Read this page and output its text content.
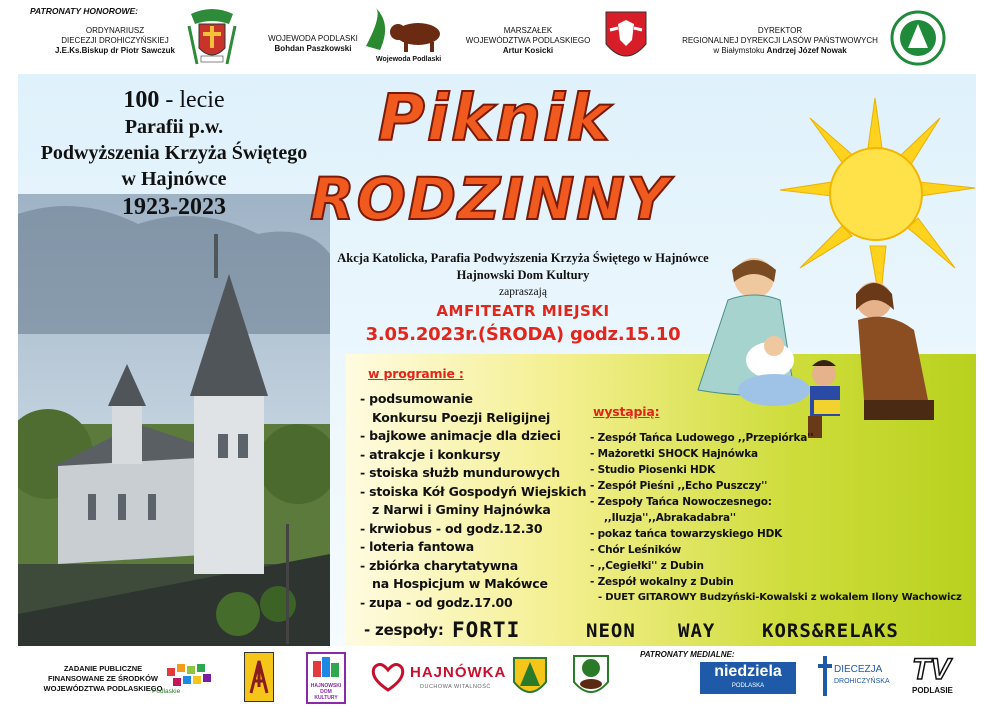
PATRONATY HONOROWE:
ORDYNARIUSZ
DIECEZJI DROHICZYŃSKIEJ
J.E.Ks.Biskup dr Piotr Sawczuk
WOJEWODA PODLASKI
Bohdan Paszkowski
Wojewoda Podlaski
MARSZAŁEK
WOJEWÓDZTWA PODLASKIEGO
Artur Kosicki
DYREKTOR
REGIONALNEJ DYREKCJI LASÓW PAŃSTWOWYCH
w Białymstoku Andrzej Józef Nowak
100 - lecie
Parafii p.w.
Podwyższenia Krzyża Świętego
w Hajnówce
1923-2023
Piknik
RODZINNY
Akcja Katolicka, Parafia Podwyższenia Krzyża Świętego w Hajnówce
Hajnowski Dom Kultury
zapraszają
AMFITEATR MIEJSKI
3.05.2023r.(ŚRODA) godz.15.10
w programie :
- podsumowanie
Konkursu Poezji Religijnej
- bajkowe animacje dla dzieci
- atrakcje i konkursy
- stoiska służb mundurowych
- stoiska Kół Gospodyń Wiejskich
z Narwi i Gminy Hajnówka
- krwiobus - od godz.12.30
- loteria fantowa
- zbiórka charytatywna
na Hospicjum w Makówce
- zupa - od godz.17.00
wystąpią:
- Zespół Tańca Ludowego ,,Przepiórka''
- Mażoretki SHOCK Hajnówka
- Studio Piosenki HDK
- Zespół Pieśni ,,Echo Puszczy''
- Zespoły Tańca Nowoczesnego:
,,Iluzja'',,Abrakadabra''
- pokaz tańca towarzyskiego HDK
- Chór Leśników
- ,,Cegiełki'' z Dubin
- Zespół wokalny z Dubin
- DUET GITAROWY Budzyński-Kowalski z wokalem Ilony Wachowicz
- zespoły: FORTI	NEON WAY KORS&RELAKS
ZADANIE PUBLICZNE
FINANSOWANE ZE ŚRODKÓW
WOJEWÓDZTWA PODLASKIEGO
Podlaskie
HAJNOWSKI
DOM KULTURY
HAJNÓWKA
DUCHOWA WITALNOŚĆ
PATRONATY MEDIALNE:
niedziela
PODLASKA
DIECEZJA
DROHICZYŃSKA TV
PODLASIE
